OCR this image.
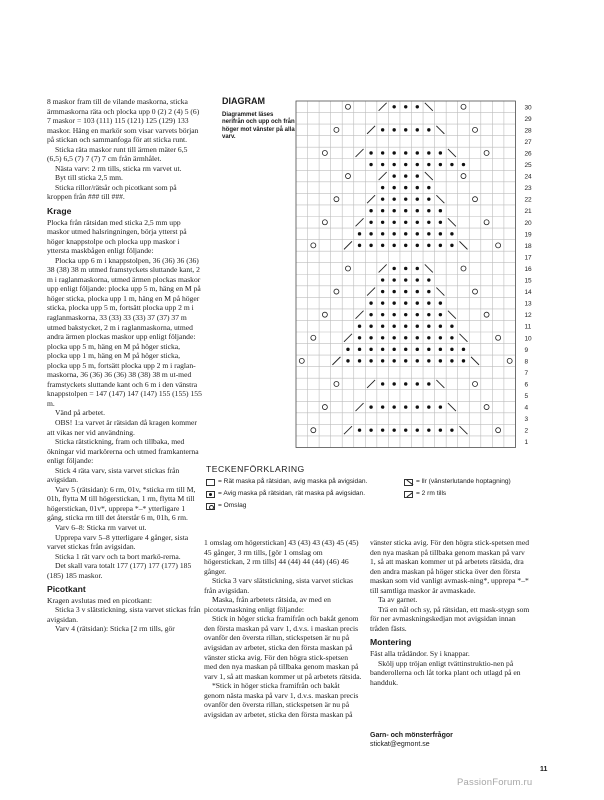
8 maskor fram till de vilande maskorna, sticka ärmmaskorna räta och plocka upp 0 (2) 2 (4) 5 (6) 7 maskor = 103 (111) 115 (121) 125 (129) 133 maskor. Häng en markör som visar varvets början på stickan och sammanfoga för att sticka runt.

Sticka räta maskor runt till ärmen mäter 6,5 (6,5) 6,5 (7) 7 (7) 7 cm från ärmhålet.

Nästa varv: 2 rm tills, sticka rm varvet ut.

Byt till sticka 2,5 mm.

Sticka rillor/rätsår och picotkant som på kroppen från ### till ###.

Krage

Plocka från rätsidan med sticka 2,5 mm upp maskor utmed halsringningen, börja ytterst på höger knappstolpe och plocka upp maskor i yttersta maskbågen enligt följande:

Plocka upp 6 m i knappstolpen, 36 (36) 36 (36) 38 (38) 38 m utmed framstyckets sluttande kant, 2 m i raglanmaskorna, utmed ärmen plockas maskor upp enligt följande: plocka upp 5 m, häng en M på höger sticka, plocka upp 1 m, häng en M på höger sticka, plocka upp 5 m, fortsätt plocka upp 2 m i raglanmaskorna, 33 (33) 33 (33) 37 (37) 37 m utmed bakstycket, 2 m i raglanmaskorna, utmed andra ärmen plockas maskor upp enligt följande: plocka upp 5 m, häng en M på höger sticka, plocka upp 1 m, häng en M på höger sticka, plocka upp 5 m, fortsätt plocka upp 2 m i raglan-maskorna, 36 (36) 36 (36) 38 (38) 38 m ut-med framstyckets sluttande kant och 6 m i den vänstra knappstolpen = 147 (147) 147 (147) 155 (155) 155 m.

Vänd på arbetet.

OBS! 1:a varvet är rätsidan då kragen kommer att vikas ner vid användning.

Sticka rätstickning, fram och tillbaka, med ökningar vid markörerna och utmed framkanterna enligt följande:

Stick 4 räta varv, sista varvet stickas från avigsidan.

Varv 5 (rätsidan): 6 rm, 01v, *sticka rm till M, 01h, flytta M till högerstickan, 1 rm, flytta M till högerstickan, 01v*, upprepa *–* ytterligare 1 gång, sticka rm till det återstår 6 m, 01h, 6 rm.

Varv 6–8: Sticka rm varvet ut.

Upprepa varv 5–8 ytterligare 4 gånger, sista varvet stickas från avigsidan.

Sticka 1 rät varv och ta bort markö-rerna.

Det skall vara totalt 177 (177) 177 (177) 185 (185) 185 maskor.

Picotkant

Kragen avslutas med en picotkant:

Sticka 3 v slätstickning, sista varvet stickas från avigsidan.

Varv 4 (rätsidan): Sticka [2 rm tills, gör

DIAGRAM
Diagrammet läses nerifrån och upp och från höger mot vänster på alla varv.
30
29
28
27
26
25
24
23
22
21
20
19
18
17
16
15
14
13
12
11
10
9
8
7
6
5
4
3
2
1
TECKENFÖRKLARING
= Rät maska på rätsidan, avig maska på avigsidan.
= Avig maska på rätsidan, rät maska på avigsidan.
= Omslag
= llr (vänsterlutande hoptagning)
= 2 rm tills

1 omslag om högerstickan] 43 (43) 43 (43) 45 (45) 45 gånger, 3 rm tills, [gör 1 omslag om högerstickan, 2 rm tills] 44 (44) 44 (44) (46) 46 gånger.

Sticka 3 varv slätstickning, sista varvet stickas från avigsidan.

Maska, från arbetets rätsida, av med en picotavmaskning enligt följande:

Stick in höger sticka framifrån och bakåt genom den första maskan på varv 1, d.v.s. i maskan precis ovanför den översta rillan, stickspetsen är nu på avigsidan av arbetet, sticka den första maskan på vänster sticka avig. För den högra stick-spetsen med den nya maskan på tillbaka genom maskan på varv 1, så att maskan kommer ut på arbetets rätsida.

*Stick in höger sticka framifrån och bakåt genom nästa maska på varv 1, d.v.s. maskan precis ovanför den översta rillan, stickspetsen är nu på avigsidan av arbetet, sticka den första maskan på

vänster sticka avig. För den högra stick-spetsen med den nya maskan på tillbaka genom maskan på varv 1, så att maskan kommer ut på arbetets rätsida, dra den andra maskan på höger sticka över den första maskan som vid vanligt avmask-ning*, upprepa *–* till samtliga maskor är avmaskade.

Ta av garnet.

Trä en nål och sy, på rätsidan, ett mask-stygn som för ner avmaskningskedjan mot avigsidan innan tråden fästs.

Montering

Fäst alla trådändor. Sy i knappar.

Skölj upp tröjan enligt tvättinstruktio-nen på banderollerna och låt torka plant och utlagd på en handduk.

Garn- och mönsterfrågor
stickat@egmont.se
11
PassionForum.ru
